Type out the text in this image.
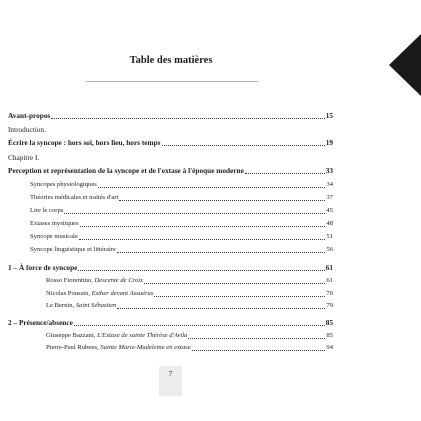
Table des matières
Avant-propos	15
Introduction.
Écrire la syncope : hors soi, hors lieu, hors temps	19
Chapitre I.
Perception et représentation de la syncope et de l'extase à l'époque moderne	33
Syncopes physiologiques	34
Théories médicales et traités d'art	37
Lire le corps	45
Extases mystiques	48
Syncope musicale	51
Syncope linguistique et littéraire	56
1 – À force de syncope	61
Rosso Fiorentino, Descente de Croix	61
Nicolas Poussin, Esther devant Assuérus	70
Le Bernin, Saint Sébastien	79
2 – Présence/absence	85
Giuseppe Bazzani, L'Extase de sainte Thérèse d'Avila	85
Pierre-Paul Rubens, Sainte Marie-Madeleine en extase	94
7
